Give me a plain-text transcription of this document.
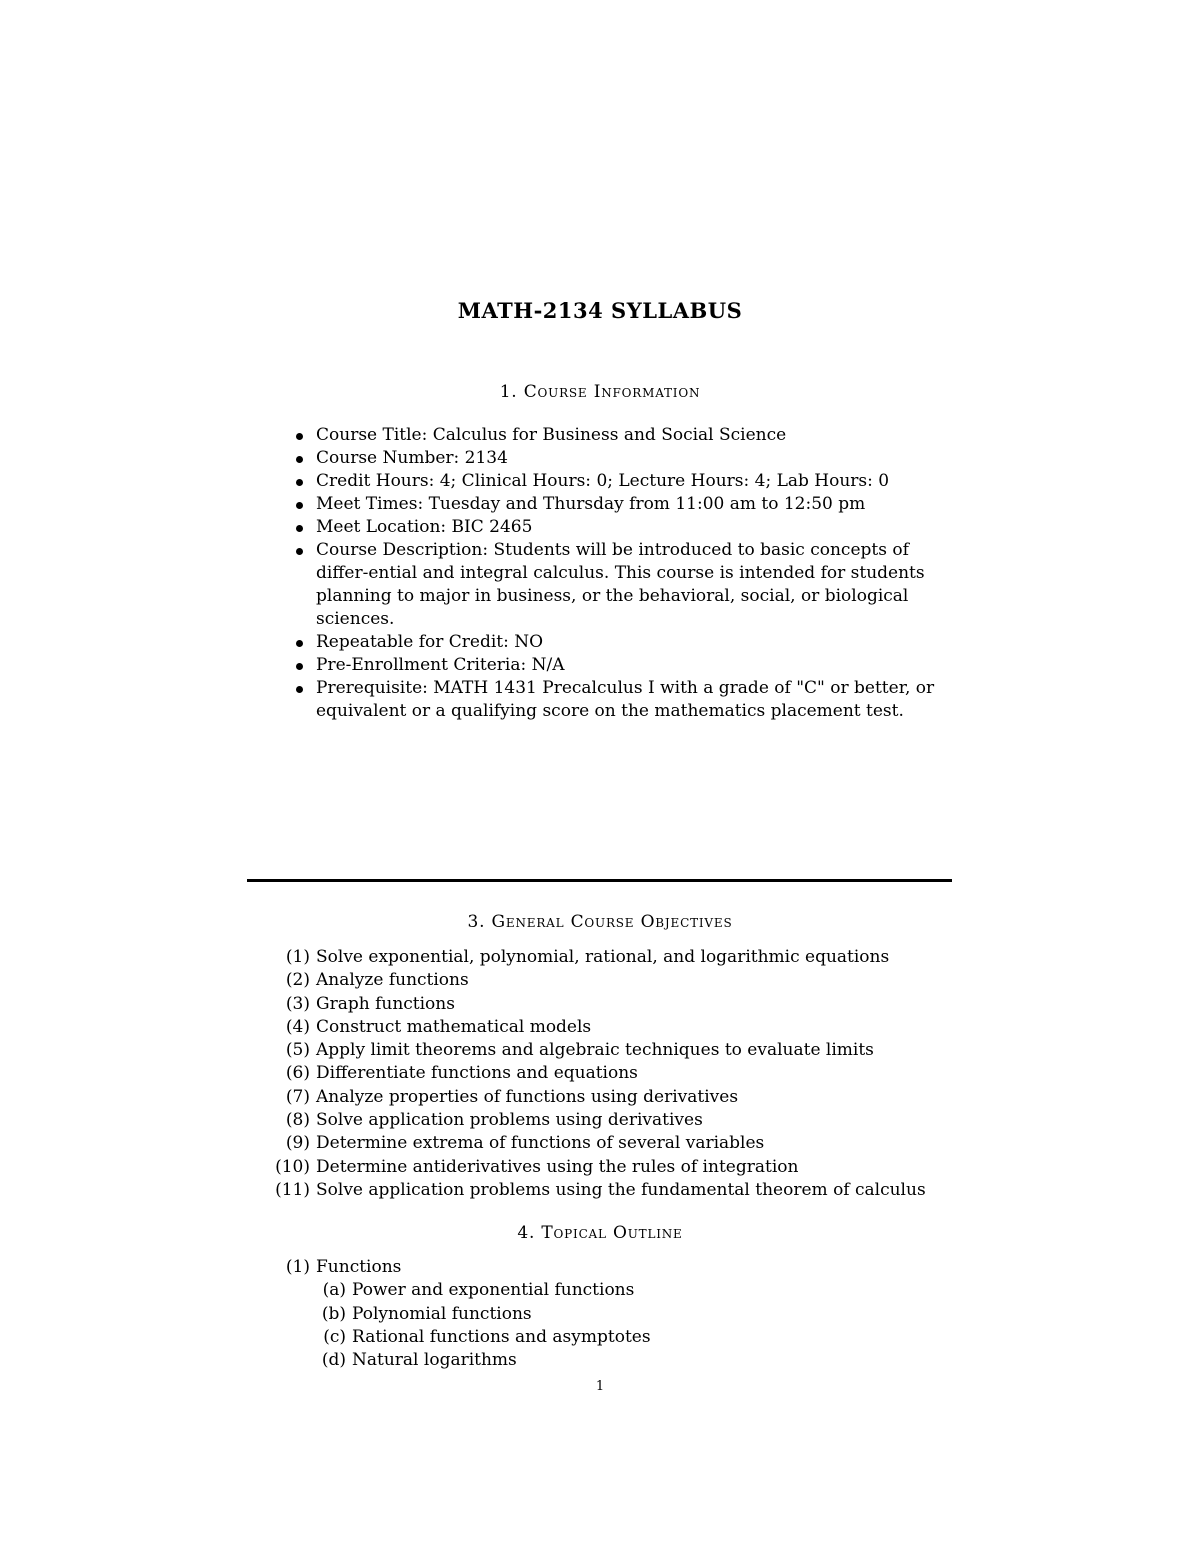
MATH-2134 SYLLABUS
1. Course Information
Course Title: Calculus for Business and Social Science
Course Number: 2134
Credit Hours: 4; Clinical Hours: 0; Lecture Hours: 4; Lab Hours: 0
Meet Times: Tuesday and Thursday from 11:00 am to 12:50 pm
Meet Location: BIC 2465
Course Description: Students will be introduced to basic concepts of differ-ential and integral calculus. This course is intended for students planning to major in business, or the behavioral, social, or biological sciences.
Repeatable for Credit: NO
Pre-Enrollment Criteria: N/A
Prerequisite: MATH 1431 Precalculus I with a grade of "C" or better, or equivalent or a qualifying score on the mathematics placement test.
3. General Course Objectives
(1) Solve exponential, polynomial, rational, and logarithmic equations
(2) Analyze functions
(3) Graph functions
(4) Construct mathematical models
(5) Apply limit theorems and algebraic techniques to evaluate limits
(6) Differentiate functions and equations
(7) Analyze properties of functions using derivatives
(8) Solve application problems using derivatives
(9) Determine extrema of functions of several variables
(10) Determine antiderivatives using the rules of integration
(11) Solve application problems using the fundamental theorem of calculus
4. Topical Outline
(1) Functions
(a) Power and exponential functions
(b) Polynomial functions
(c) Rational functions and asymptotes
(d) Natural logarithms
1
